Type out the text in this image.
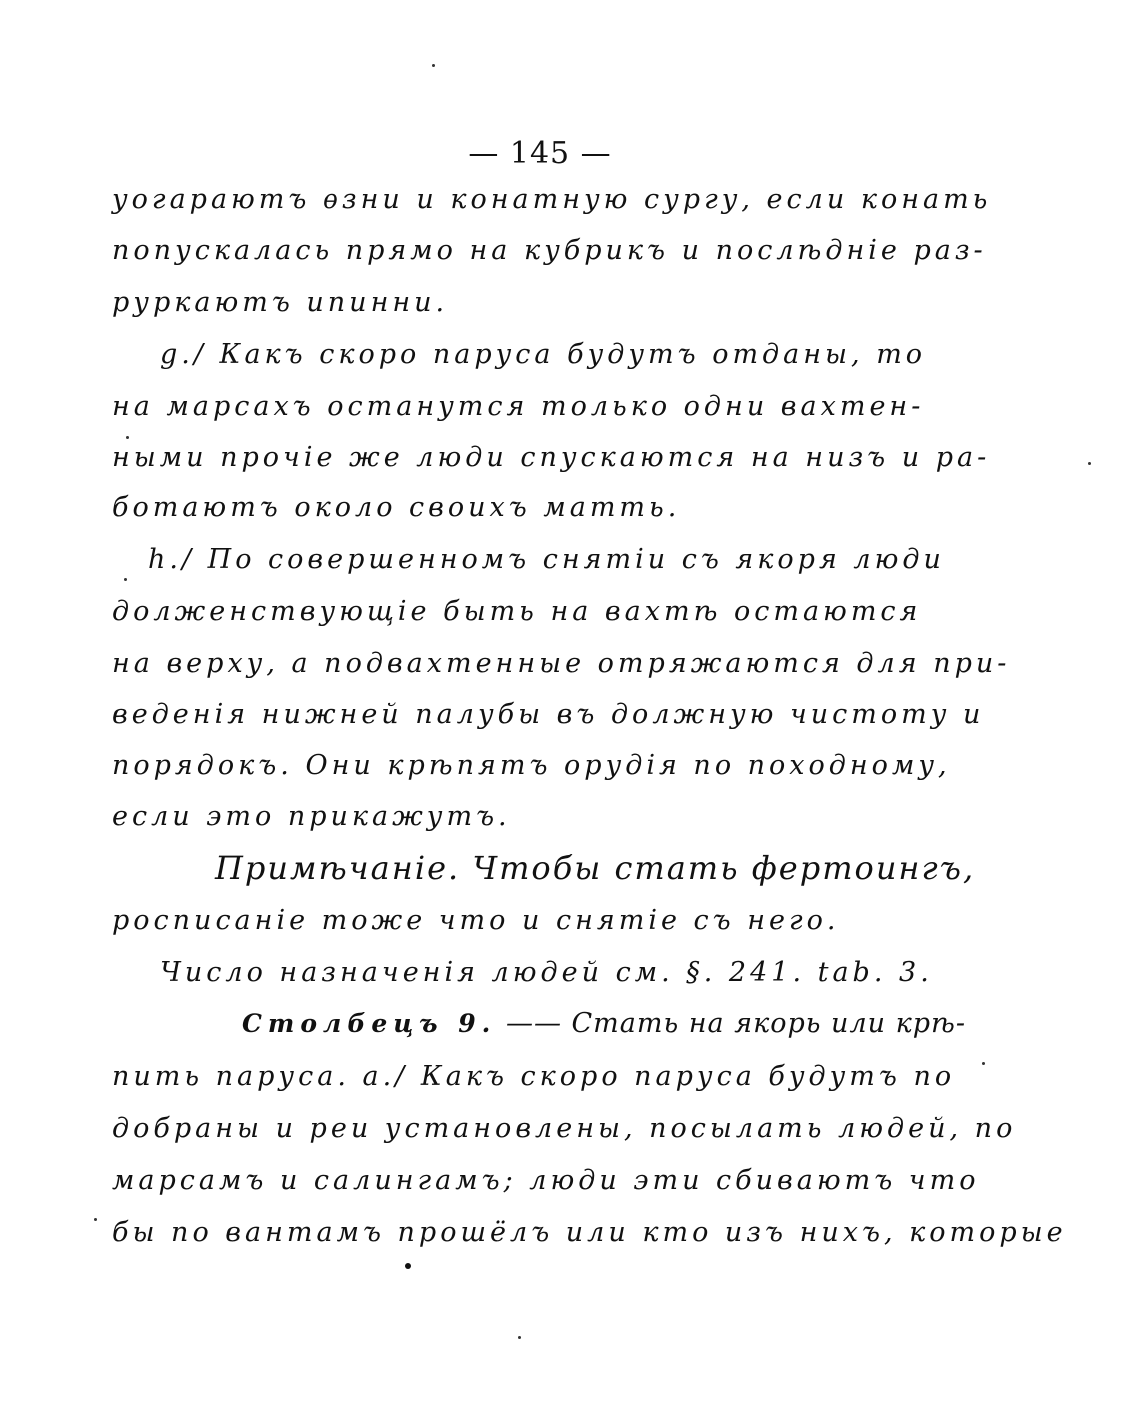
— 145 —
уогараютъ ѳзни и конатную сургу, если конать
попускалась прямо на кубрикъ и послѣдніе раз-
руркаютъ ипинни.
g./ Какъ скоро паруса будутъ отданы, то
на марсахъ останутся только одни вахтен-
ными прочiе же люди спускаются на низъ и ра-
ботаютъ около своихъ матть.
h./ По совершенномъ снятiи съ якоря люди
долженствующiе быть на вахтѣ остаются
на верху, а подвахтенные отряжаются для при-
веденiя нижней палубы въ должную чистоту и
порядокъ. Они крѣпятъ орудiя по походному,
если это прикажутъ.
Примѣчанiе. Чтобы стать фертоингъ,
росписанiе тоже что и снятiе съ него.
Число назначенiя людей см. §. 241. tab. 3.
Столбецъ 9. —— Стать на якорь или крѣ-
пить паруса. a./ Какъ скоро паруса будутъ по
добраны и реи установлены, посылать людей, по
марсамъ и салингамъ; люди эти сбиваютъ что
бы по вантамъ прошёлъ или кто изъ нихъ, которые
